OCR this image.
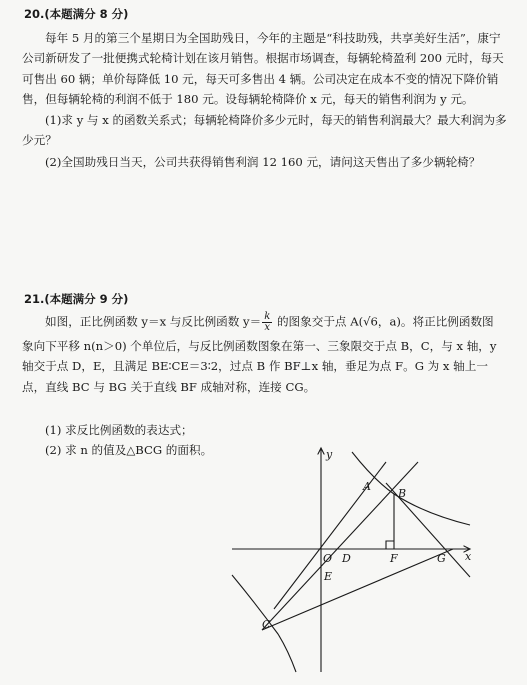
20.(本题满分 8 分)
每年 5 月的第三个星期日为全国助残日，今年的主题是“科技助残，共享美好生活”，康宁公司新研发了一批便携式轮椅计划在该月销售。根据市场调查，每辆轮椅盈利 200 元时，每天可售出 60 辆；单价每降低 10 元，每天可多售出 4 辆。公司决定在成本不变的情况下降价销售，但每辆轮椅的利润不低于 180 元。设每辆轮椅降价 x 元，每天的销售利润为 y 元。
(1)求 y 与 x 的函数关系式；每辆轮椅降价多少元时，每天的销售利润最大？最大利润为多少元？
(2)全国助残日当天，公司共获得销售利润 12 160 元，请问这天售出了多少辆轮椅？
21.(本题满分 9 分)
如图，正比例函数 y＝x 与反比例函数 $y= \frac{k}{x}$ 的图象交于点 A(√6，a)。将正比例函数图
象向下平移 n(n＞0) 个单位后，与反比例函数图象在第一、三象限交于点 B，C，与 x 轴，y 轴交于点 D，E，且满足 BE∶CE＝3∶2，过点 B 作 BF⊥x 轴，垂足为点 F。G 为 x 轴上一点，直线 BC 与 BG 关于直线 BF 成轴对称，连接 CG。
(1) 求反比例函数的表达式；
(2) 求 n 的值及△BCG 的面积。	y
x
O
A
B
C
D
E
F	G
